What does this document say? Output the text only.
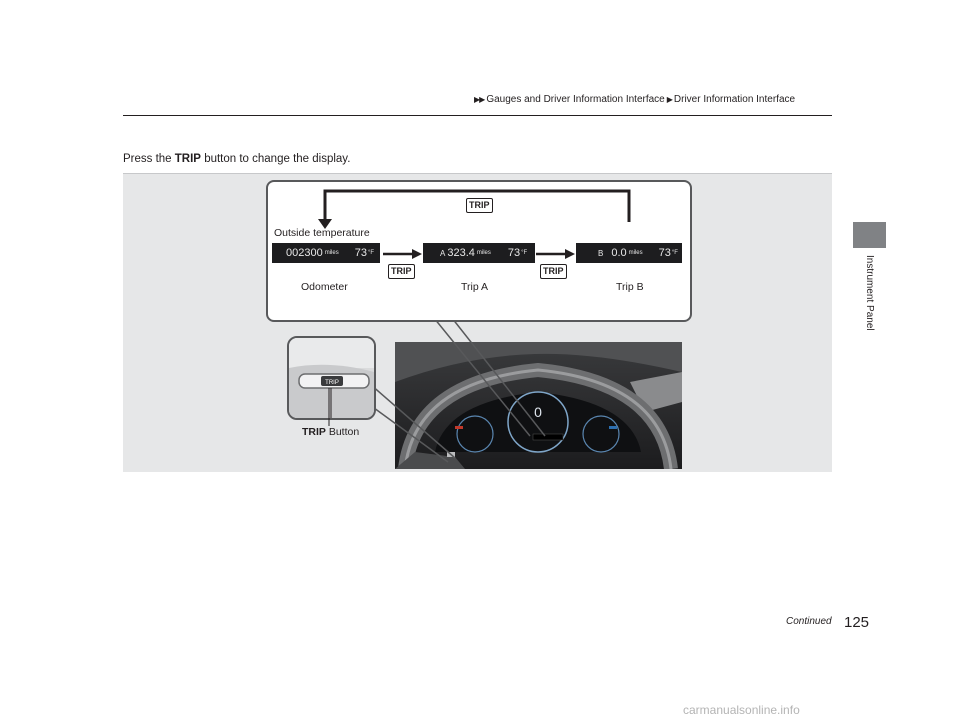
▶▶ Gauges and Driver Information Interface ▶ Driver Information Interface
Instrument Panel
Press the TRIP button to change the display.
0
TRIP
TRIP	TRIP
Outside temperature
002300 miles 73 °F	A 323.4 miles 73 °F	B 0.0 miles 73 °F
Odometer	Trip A	Trip B
TRIP
TRIP Button
Continued 125
carmanualsonline.info
